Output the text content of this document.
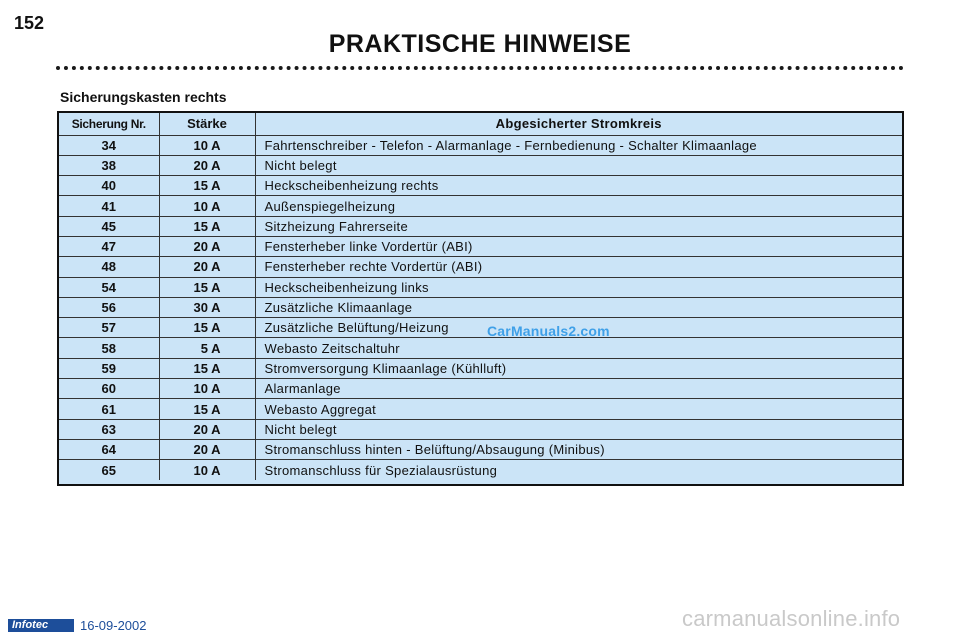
152
PRAKTISCHE HINWEISE
Sicherungskasten rechts
Sicherung Nr.	Stärke	Abgesicherter Stromkreis
34	10 A	Fahrtenschreiber - Telefon - Alarmanlage - Fernbedienung - Schalter Klimaanlage
38	20 A	Nicht belegt
40	15 A	Heckscheibenheizung rechts
41	10 A	Außenspiegelheizung
45	15 A	Sitzheizung Fahrerseite
47	20 A	Fensterheber linke Vordertür (ABI)
48	20 A	Fensterheber rechte Vordertür (ABI)
54	15 A	Heckscheibenheizung links
56	30 A	Zusätzliche Klimaanlage
57	15 A	Zusätzliche Belüftung/Heizung
58	5 A	Webasto Zeitschaltuhr
59	15 A	Stromversorgung Klimaanlage (Kühlluft)
60	10 A	Alarmanlage
61	15 A	Webasto Aggregat
63	20 A	Nicht belegt
64	20 A	Stromanschluss hinten - Belüftung/Absaugung (Minibus)
65	10 A	Stromanschluss für Spezialausrüstung
CarManuals2.com
Infotec	16-09-2002	carmanualsonline.info
